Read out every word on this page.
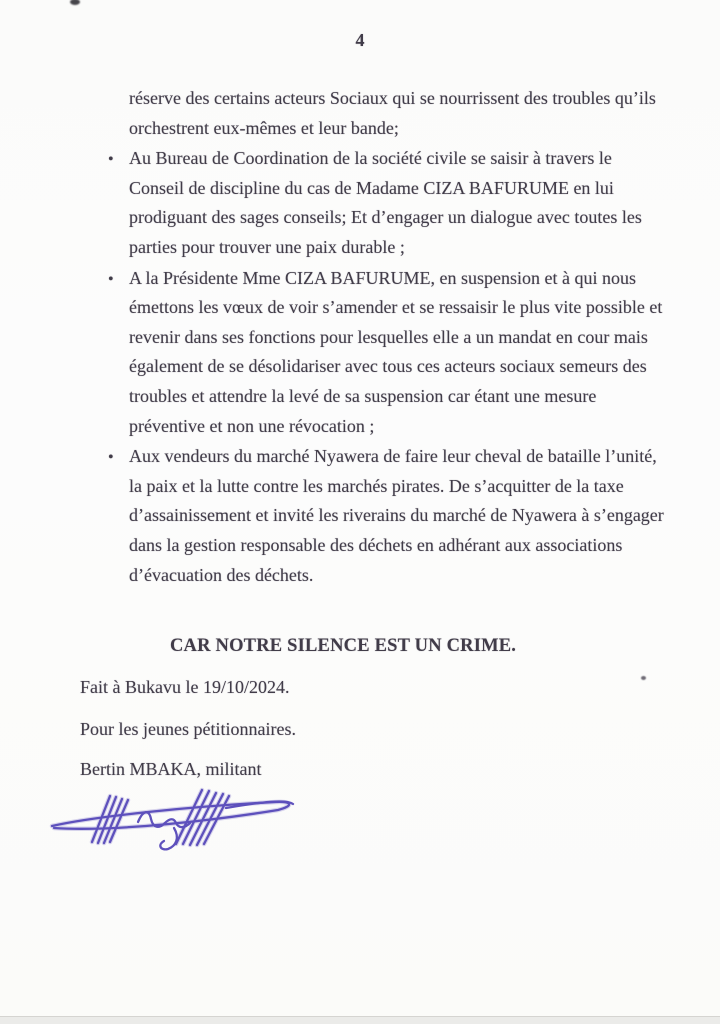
4
réserve des certains acteurs Sociaux qui se nourrissent des troubles qu’ils
orchestrent eux-mêmes et leur bande;
• Au Bureau de Coordination de la société civile se saisir à travers le
Conseil de discipline du cas de Madame CIZA BAFURUME en lui
prodiguant des sages conseils; Et d’engager un dialogue avec toutes les
parties pour trouver une paix durable ;
• A la Présidente Mme CIZA BAFURUME, en suspension et à qui nous
émettons les vœux de voir s’amender et se ressaisir le plus vite possible et
revenir dans ses fonctions pour lesquelles elle a un mandat en cour mais
également de se désolidariser avec tous ces acteurs sociaux semeurs des
troubles et attendre la levé de sa suspension car étant une mesure
préventive et non une révocation ;
• Aux vendeurs du marché Nyawera de faire leur cheval de bataille l’unité,
la paix et la lutte contre les marchés pirates. De s’acquitter de la taxe
d’assainissement et invité les riverains du marché de Nyawera à s’engager
dans la gestion responsable des déchets en adhérant aux associations
d’évacuation des déchets.
CAR NOTRE SILENCE EST UN CRIME.
Fait à Bukavu le 19/10/2024.
Pour les jeunes pétitionnaires.
Bertin MBAKA, militant
